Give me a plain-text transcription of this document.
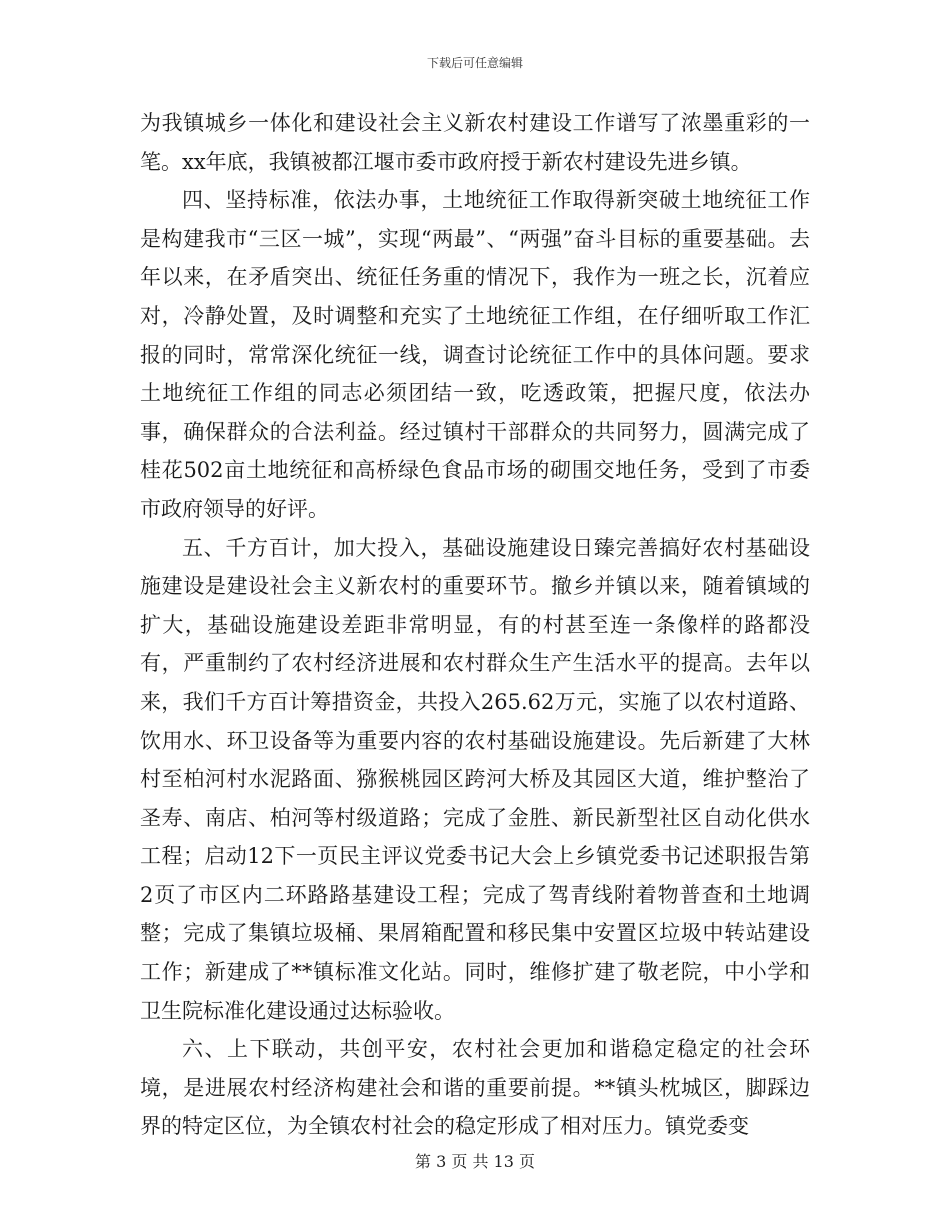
下载后可任意编辑

为我镇城乡一体化和建设社会主义新农村建设工作谱写了浓墨重彩的一笔。xx年底，我镇被都江堰市委市政府授于新农村建设先进乡镇。

四、坚持标准，依法办事，土地统征工作取得新突破土地统征工作是构建我市“三区一城”，实现“两最”、“两强”奋斗目标的重要基础。去年以来，在矛盾突出、统征任务重的情况下，我作为一班之长，沉着应对，冷静处置，及时调整和充实了土地统征工作组，在仔细听取工作汇报的同时，常常深化统征一线，调查讨论统征工作中的具体问题。要求土地统征工作组的同志必须团结一致，吃透政策，把握尺度，依法办事，确保群众的合法利益。经过镇村干部群众的共同努力，圆满完成了桂花502亩土地统征和高桥绿色食品市场的砌围交地任务，受到了市委市政府领导的好评。

五、千方百计，加大投入，基础设施建设日臻完善搞好农村基础设施建设是建设社会主义新农村的重要环节。撤乡并镇以来，随着镇域的扩大，基础设施建设差距非常明显，有的村甚至连一条像样的路都没有，严重制约了农村经济进展和农村群众生产生活水平的提高。去年以来，我们千方百计筹措资金，共投入265.62万元，实施了以农村道路、饮用水、环卫设备等为重要内容的农村基础设施建设。先后新建了大林村至柏河村水泥路面、猕猴桃园区跨河大桥及其园区大道，维护整治了圣寿、南店、柏河等村级道路；完成了金胜、新民新型社区自动化供水工程；启动12下一页民主评议党委书记大会上乡镇党委书记述职报告第2页了市区内二环路路基建设工程；完成了驾青线附着物普查和土地调整；完成了集镇垃圾桶、果屑箱配置和移民集中安置区垃圾中转站建设工作；新建成了**镇标准文化站。同时，维修扩建了敬老院，中小学和卫生院标准化建设通过达标验收。

六、上下联动，共创平安，农村社会更加和谐稳定稳定的社会环境，是进展农村经济构建社会和谐的重要前提。**镇头枕城区，脚踩边界的特定区位，为全镇农村社会的稳定形成了相对压力。镇党委变

第 3 页 共 13 页
